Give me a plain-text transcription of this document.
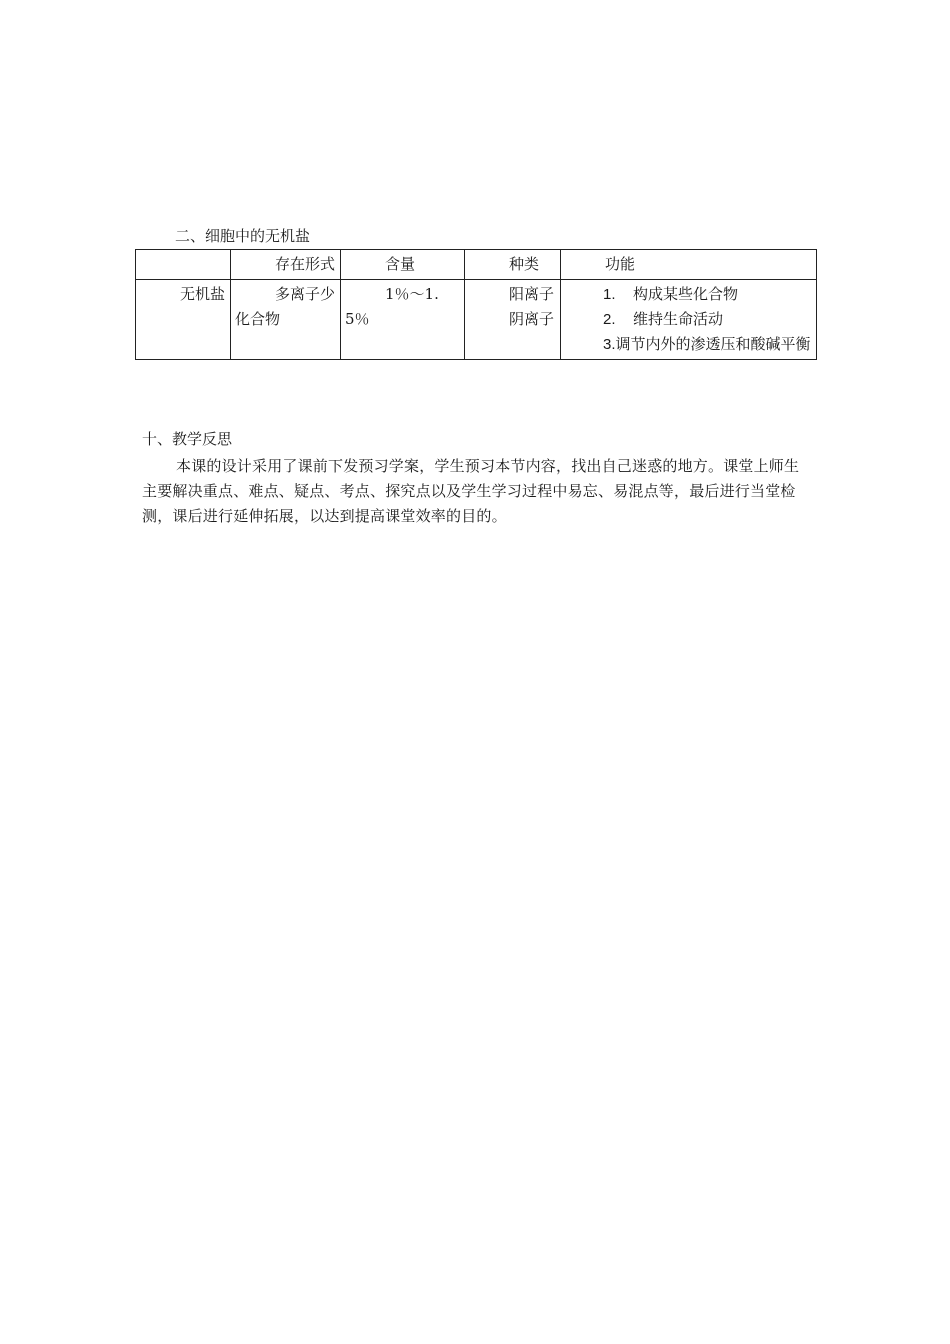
二、细胞中的无机盐
	存在形式	含量	种类	功能
无机盐	多离子少化合物	1％～1.5％	阳离子阴离子	1. 构成某些化合物
2. 维持生命活动
3.调节内外的渗透压和酸碱平衡
十、教学反思
本课的设计采用了课前下发预习学案，学生预习本节内容，找出自己迷惑的地方。课堂上师生主要解决重点、难点、疑点、考点、探究点以及学生学习过程中易忘、易混点等，最后进行当堂检测，课后进行延伸拓展，以达到提高课堂效率的目的。
